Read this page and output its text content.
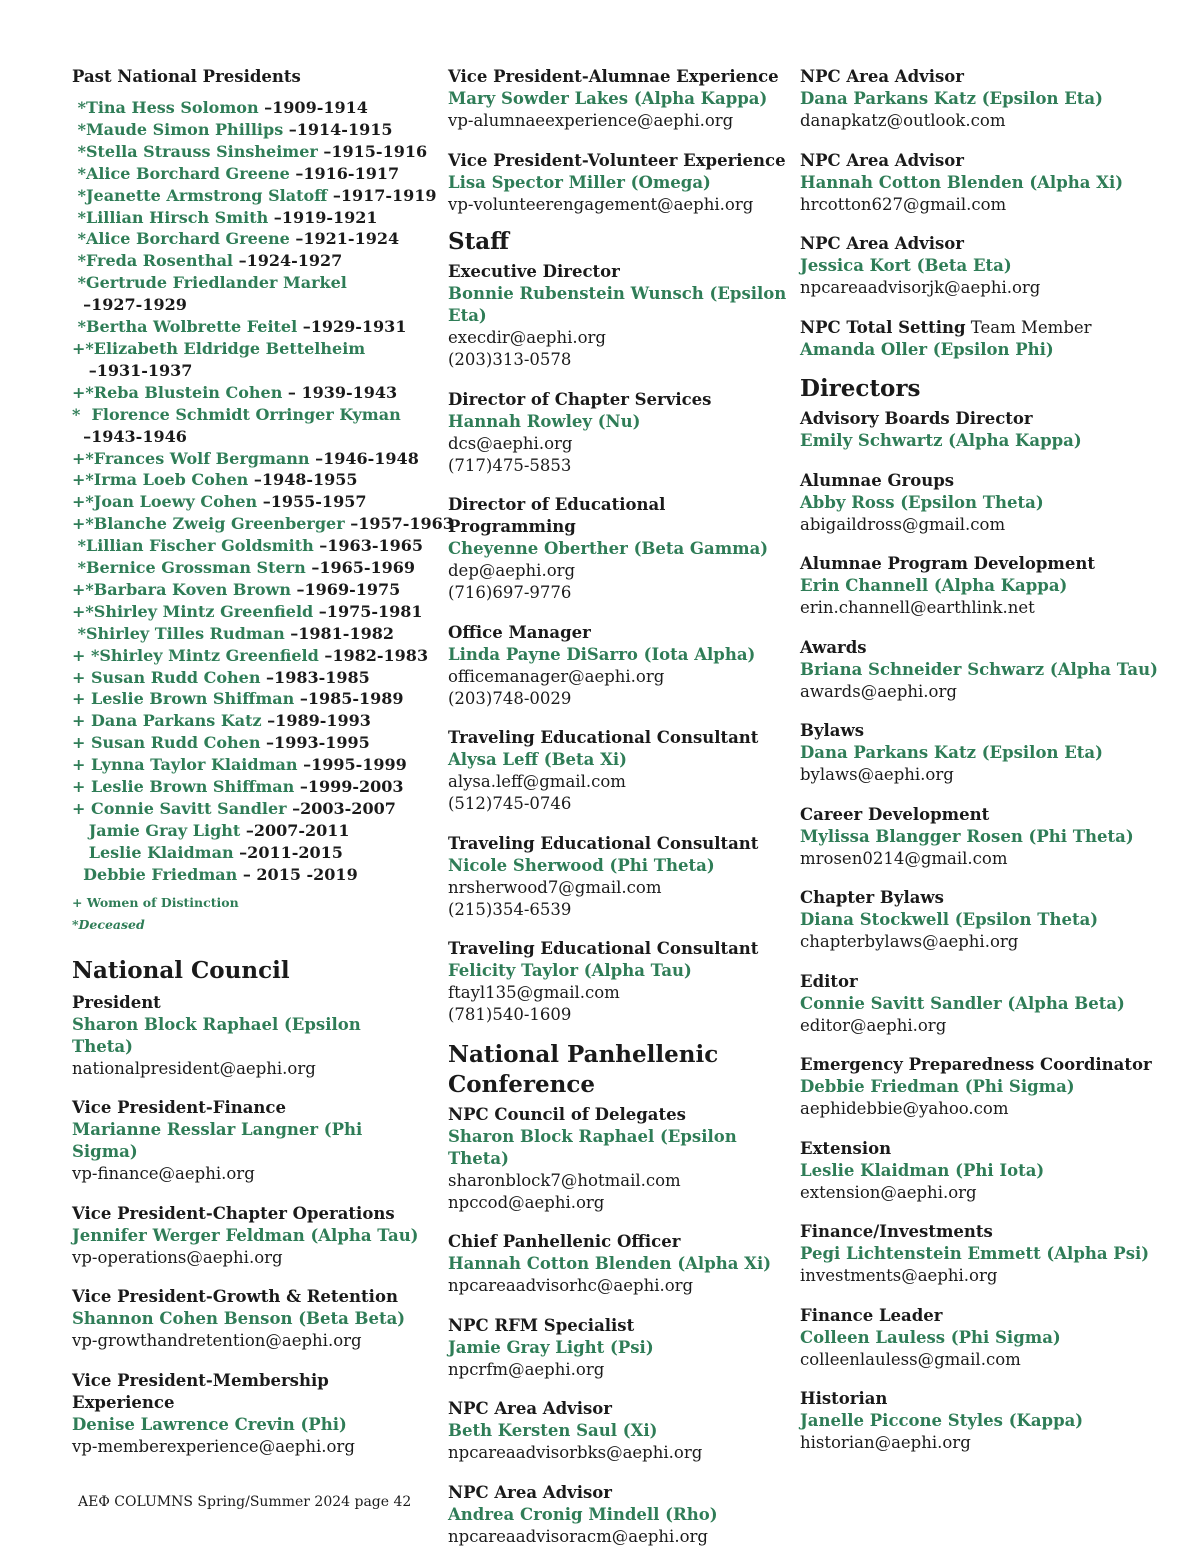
Past National Presidents
*Tina Hess Solomon –1909-1914
*Maude Simon Phillips –1914-1915
*Stella Strauss Sinsheimer –1915-1916
*Alice Borchard Greene –1916-1917
*Jeanette Armstrong Slatoff –1917-1919
*Lillian Hirsch Smith –1919-1921
*Alice Borchard Greene –1921-1924
*Freda Rosenthal –1924-1927
*Gertrude Friedlander Markel
–1927-1929
*Bertha Wolbrette Feitel –1929-1931
+*Elizabeth Eldridge Bettelheim
–1931-1937
+*Reba Blustein Cohen – 1939-1943
*  Florence Schmidt Orringer Kyman
–1943-1946
+*Frances Wolf Bergmann –1946-1948
+*Irma Loeb Cohen –1948-1955
+*Joan Loewy Cohen –1955-1957
+*Blanche Zweig Greenberger –1957-1963
*Lillian Fischer Goldsmith –1963-1965
*Bernice Grossman Stern –1965-1969
+*Barbara Koven Brown –1969-1975
+*Shirley Mintz Greenfield –1975-1981
*Shirley Tilles Rudman –1981-1982
+ *Shirley Mintz Greenfield –1982-1983
+ Susan Rudd Cohen –1983-1985
+ Leslie Brown Shiffman –1985-1989
+ Dana Parkans Katz –1989-1993
+ Susan Rudd Cohen –1993-1995
+ Lynna Taylor Klaidman –1995-1999
+ Leslie Brown Shiffman –1999-2003
+ Connie Savitt Sandler –2003-2007
Jamie Gray Light –2007-2011
Leslie Klaidman –2011-2015
Debbie Friedman – 2015 -2019
+ Women of Distinction
*Deceased
National Council
President
Sharon Block Raphael (Epsilon Theta)
nationalpresident@aephi.org
Vice President-Finance
Marianne Resslar Langner (Phi Sigma)
vp-finance@aephi.org
Vice President-Chapter Operations
Jennifer Werger Feldman (Alpha Tau)
vp-operations@aephi.org
Vice President-Growth & Retention
Shannon Cohen Benson (Beta Beta)
vp-growthandretention@aephi.org
Vice President-Membership Experience
Denise Lawrence Crevin (Phi)
vp-memberexperience@aephi.org
Vice President-Alumnae Experience
Mary Sowder Lakes (Alpha Kappa)
vp-alumnaeexperience@aephi.org
Vice President-Volunteer Experience
Lisa Spector Miller (Omega)
vp-volunteerengagement@aephi.org
Staff
Executive Director
Bonnie Rubenstein Wunsch (Epsilon Eta)
execdir@aephi.org
(203)313-0578
Director of Chapter Services
Hannah Rowley (Nu)
dcs@aephi.org
(717)475-5853
Director of Educational Programming
Cheyenne Oberther (Beta Gamma)
dep@aephi.org
(716)697-9776
Office Manager
Linda Payne DiSarro (Iota Alpha)
officemanager@aephi.org
(203)748-0029
Traveling Educational Consultant
Alysa Leff (Beta Xi)
alysa.leff@gmail.com
(512)745-0746
Traveling Educational Consultant
Nicole Sherwood (Phi Theta)
nrsherwood7@gmail.com
(215)354-6539
Traveling Educational Consultant
Felicity Taylor (Alpha Tau)
ftayl135@gmail.com
(781)540-1609
National Panhellenic Conference
NPC Council of Delegates
Sharon Block Raphael (Epsilon Theta)
sharonblock7@hotmail.com
npccod@aephi.org
Chief Panhellenic Officer
Hannah Cotton Blenden (Alpha Xi)
npcareaadvisorhc@aephi.org
NPC RFM Specialist
Jamie Gray Light (Psi)
npcrfm@aephi.org
NPC Area Advisor
Beth Kersten Saul (Xi)
npcareaadvisorbks@aephi.org
NPC Area Advisor
Andrea Cronig Mindell (Rho)
npcareaadvisoracm@aephi.org
NPC Area Advisor
Dana Parkans Katz (Epsilon Eta)
danapkatz@outlook.com
NPC Area Advisor
Hannah Cotton Blenden (Alpha Xi)
hrcotton627@gmail.com
NPC Area Advisor
Jessica Kort (Beta Eta)
npcareaadvisorjk@aephi.org
NPC Total Setting Team Member
Amanda Oller (Epsilon Phi)
Directors
Advisory Boards Director
Emily Schwartz (Alpha Kappa)
Alumnae Groups
Abby Ross (Epsilon Theta)
abigaildross@gmail.com
Alumnae Program Development
Erin Channell (Alpha Kappa)
erin.channell@earthlink.net
Awards
Briana Schneider Schwarz (Alpha Tau)
awards@aephi.org
Bylaws
Dana Parkans Katz (Epsilon Eta)
bylaws@aephi.org
Career Development
Mylissa Blangger Rosen (Phi Theta)
mrosen0214@gmail.com
Chapter Bylaws
Diana Stockwell (Epsilon Theta)
chapterbylaws@aephi.org
Editor
Connie Savitt Sandler (Alpha Beta)
editor@aephi.org
Emergency Preparedness Coordinator
Debbie Friedman (Phi Sigma)
aephidebbie@yahoo.com
Extension
Leslie Klaidman (Phi Iota)
extension@aephi.org
Finance/Investments
Pegi Lichtenstein Emmett (Alpha Psi)
investments@aephi.org
Finance Leader
Colleen Lauless (Phi Sigma)
colleenlauless@gmail.com
Historian
Janelle Piccone Styles (Kappa)
historian@aephi.org
AEΦ COLUMNS Spring/Summer 2024 page 42
